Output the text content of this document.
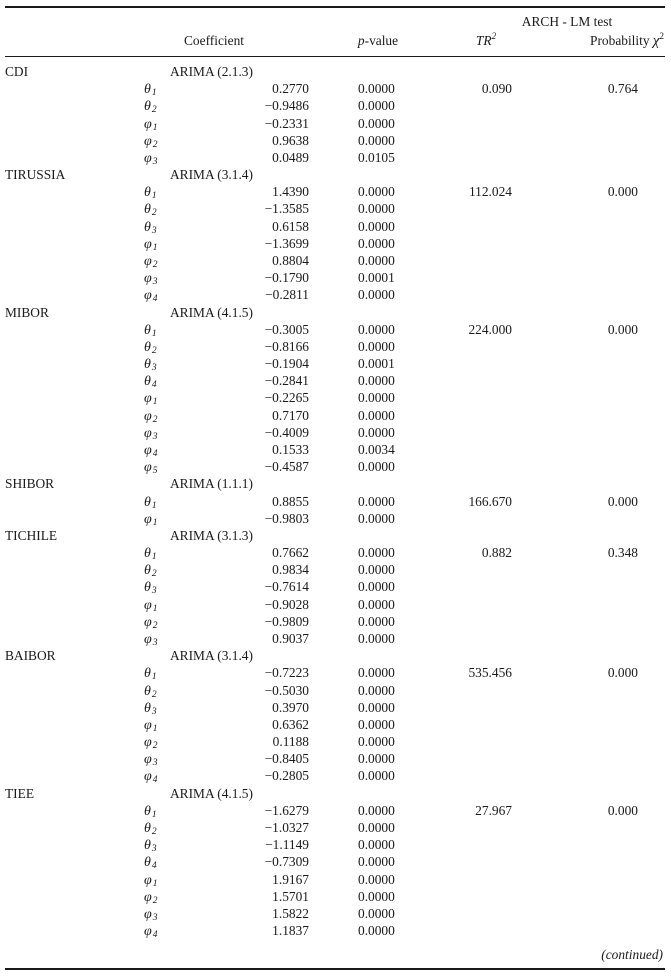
ARCH - LM test
Coefficient	p-value	$TR^2$	Probability $\chi^2$
CDI	ARIMA (2.1.3)
$\theta_1$	0.2770	0.0000	0.090	0.764
$\theta_2$	−0.9486	0.0000
$\varphi_1$	−0.2331	0.0000
$\varphi_2$	0.9638	0.0000
$\varphi_3$	0.0489	0.0105
TIRUSSIA	ARIMA (3.1.4)
$\theta_1$	1.4390	0.0000	112.024	0.000
$\theta_2$	−1.3585	0.0000
$\theta_3$	0.6158	0.0000
$\varphi_1$	−1.3699	0.0000
$\varphi_2$	0.8804	0.0000
$\varphi_3$	−0.1790	0.0001
$\varphi_4$	−0.2811	0.0000
MIBOR	ARIMA (4.1.5)
$\theta_1$	−0.3005	0.0000	224.000	0.000
$\theta_2$	−0.8166	0.0000
$\theta_3$	−0.1904	0.0001
$\theta_4$	−0.2841	0.0000
$\varphi_1$	−0.2265	0.0000
$\varphi_2$	0.7170	0.0000
$\varphi_3$	−0.4009	0.0000
$\varphi_4$	0.1533	0.0034
$\varphi_5$	−0.4587	0.0000
SHIBOR	ARIMA (1.1.1)
$\theta_1$	0.8855	0.0000	166.670	0.000
$\varphi_1$	−0.9803	0.0000
TICHILE	ARIMA (3.1.3)
$\theta_1$	0.7662	0.0000	0.882	0.348
$\theta_2$	0.9834	0.0000
$\theta_3$	−0.7614	0.0000
$\varphi_1$	−0.9028	0.0000
$\varphi_2$	−0.9809	0.0000
$\varphi_3$	0.9037	0.0000
BAIBOR	ARIMA (3.1.4)
$\theta_1$	−0.7223	0.0000	535.456	0.000
$\theta_2$	−0.5030	0.0000
$\theta_3$	0.3970	0.0000
$\varphi_1$	0.6362	0.0000
$\varphi_2$	0.1188	0.0000
$\varphi_3$	−0.8405	0.0000
$\varphi_4$	−0.2805	0.0000
TIEE	ARIMA (4.1.5)
$\theta_1$	−1.6279	0.0000	27.967	0.000
$\theta_2$	−1.0327	0.0000
$\theta_3$	−1.1149	0.0000
$\theta_4$	−0.7309	0.0000
$\varphi_1$	1.9167	0.0000
$\varphi_2$	1.5701	0.0000
$\varphi_3$	1.5822	0.0000
$\varphi_4$	1.1837	0.0000
(continued)
